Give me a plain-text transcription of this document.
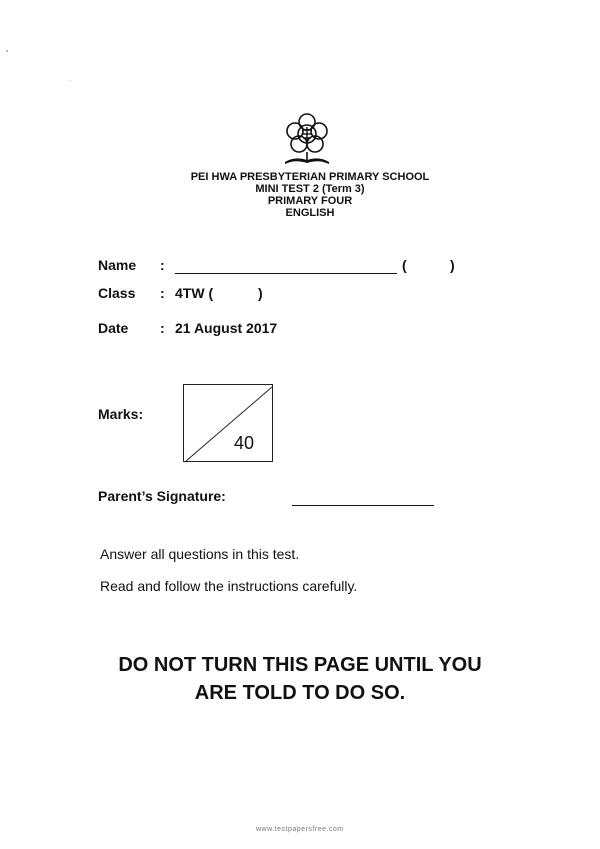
PEI HWA PRESBYTERIAN PRIMARY SCHOOL
MINI TEST 2 (Term 3)
PRIMARY FOUR
ENGLISH
Name :	(	)
Class : 4TW (	)
Date : 21 August 2017
Marks:
40
Parent’s Signature:
Answer all questions in this test.
Read and follow the instructions carefully.
DO NOT TURN THIS PAGE UNTIL YOU
ARE TOLD TO DO SO.
www.testpapersfree.com
